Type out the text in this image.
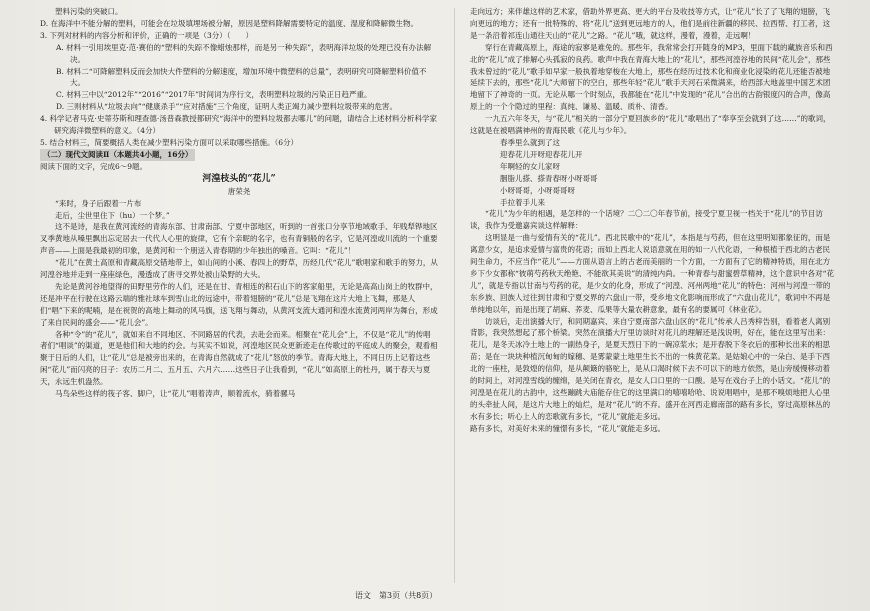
塑料污染的突破口。

D. 在海洋中不能分解的塑料，可能会在垃圾填埋场被分解，原因是塑料降解需要特定的温度、湿度和降解微生物。

3. 下列对材料的内容分析和评价，正确的一项是（3分）（　　）

A. 材料一引用埃里克·范·赛伯的“塑料的失踪不像蜡烛那样，而是另一种失踪”，表明海洋垃圾的处理已没有办法解决。

B. 材料二“可降解塑料反而会加快大件塑料的分解速度，增加环境中微塑料的总量”，表明研究可降解塑料价值不大。

C. 材料三中以“2012年”“2016”“2017年”时间词为序行文，表明塑料垃圾的污染正日趋严重。

D. 三则材料从“垃圾去向”“健康杀手”“应对措施”三个角度，证明人类正竭力减少塑料垃圾带来的危害。

4. 科学记者马克·史蒂芬斯和理查德·汤普森教授都研究“海洋中的塑料垃圾都去哪儿”的问题，请结合上述材料分析科学家研究海洋微塑料的意义。（4分）

5. 结合材料三，简要概括人类在减少塑料污染方面可以采取哪些措施。（6分）

（二）现代文阅读Ⅱ（本题共4小题，16分）

阅读下面的文字，完成6～9题。

河湟枝头的“花儿”

唐荣尧

“来时，身子后跟着一片布

走后，尘世里住下（hu）一个梦。”

这不是诗，是我在黄河流经的青海东部、甘肃南部、宁夏中部地区，听到的一首张口分享节地域歌手、年贱犁铧地区叉季黄地从嗓里飘出忘定居去一代代人心里的旋律，它有个亲昵的名字，也有青铜般的名字，它是河湟或川流的一个重要声音——上面是我最初的印象，是黄河和一个朋送入青春期的少年独出的嗓音。它叫：“花儿”！

“花儿”在黄土高原和青藏高原交错地带上，如山间的小溪、春四上的野草，历经几代“花儿”歌唱家和歌手的努力，从河湟谷地并走到一座座绿色，漫透成了唐寻交界处被山染野的大头。

先论是黄河谷地望得的田野里劳作的人们，还是在甘、青相连的积石山下的客家船里，无论是高高山岗上的牧群中，还是冲平在行驶在这路云端的雅社球车到雪山北的远途中，带着翅膀的“花儿”总是飞翔在这片大地上飞舞，那是人们“唱”下来的呢喃，是在祝贺的高地上舞动的风马旗，送飞翔与舞动，从黄河支流大通河和湟水流黄河两岸为舞台，形成了来自民间的盛会——“花儿会”。

各种“令”的“花儿”，就如来自不同地区、不同路居的代表，去赴会而来。相聚在“花儿会”上，不仅是“花儿”的传唱者们“唱谈”的渠道，更是他们和大地的约会。与其实不如说，河湟地区民众更新迹走在传歌过的平庭成人的聚会，观看相聚于日后的人们，让“花儿”总是被旁出来的，在青海自然就成了“花儿”怒放的季节。青海大地上，不同日历上记着这些闲“花儿”而闪亮的日子：农历二月二、五月五、六月六……这些日子让我看到，“花儿”如高原上的杜丹，属于春天与夏天，永远生机盎然。

马鸟朵些这样的筏子客、脚户，让“花儿”唱着涛声，顺着流水，骑着骡马

走向远方；来伴雄这样的艺术家，借助外界更高、更大的平台及收技等方式，让“花儿”长了了飞翔的翅膀，飞向更远的地方；还有一批特殊的、将“花儿”送到更远地方的人，他们是前往新疆的移民、拉西帮、打工者，这是一条沿着祁连山通往天山的“花儿”之路。“花儿”哦，就这样，漫着，漫着，走远啊！

穿行在青藏高原上，海途的寂寥是难免的。那些年，我常常会打开随身的MP3，里面下载的藏族音乐和西北的“花儿”成了排解心头孤寂的良药。歌声中我在青海大地上的“花儿”，那些河湟谷地的民间“花儿会”，那些我未曾过的“花儿”歌手如早家一般执着地穿梭在大地上，那些在经历过技术化和商业化浸染的花儿还能否被地延续下去的，那些“花儿”大师留下的空白，那些年轻“花儿”歌手天河石采微满来，给西部大地盖里中国艺术团地留下了神奇的一页。无论从哪一个时刻点，我都能在“花儿”中发现的“花儿”合出的古韵银度闪的合声，像高原上的一个个隐过的里程：真纯、谦易、温暖、质朴、清香。

一九五六年冬天，与“花儿”相关的一部分宁夏回族乡的“花儿”歌唱出了“奉享至会就到了这……”的歌词，这就是在被唱满神州的青海民歌《花儿与少年》。

春季里么就到了这

迎春花儿开呀迎春花儿开

年啊轻的女儿家呀

胭脂儿搽、搽青春呀小呀哥哥

小呀哥哥，小呀哥哥呀

手拉着手儿来

“花儿”为少年的相遇，是怎样的一个话境？二〇二〇年春节前，接受宁夏卫视一档关于“花儿”的节目访谈，我作为受邀嘉宾谈这样解释：

这明显是一曲与爱情有关的“花儿”。西北民歌中的“花儿”，本指是与芍药，但在这里明知都象征的，而是离意少女，是追求爱情与富贵的花语；而如上西北人说语意就在用的如一八代化语，一种根植于西北的古老民间生命力，不应当作“花儿”——方面从语言上的古老而美丽的一个方面，一方面有了它的精神特质，用在北方乡下少女都称“彼萌芍药秋天绝艳、不能欲其美说”的清纯内尚。一种青春与甜蜜碧草精神，这个意识中各对“花儿”，就是专指以甘南与芍药的花，是少女的化身，形成了“河湟、河州两地“花儿”的特色：河州与河湟一带的东乡族、回族人过往到甘肃和宁夏交界的六盘山一带，受乡地文化影响而形成了“六盘山花儿”，歌词中不再是单纯地以年，而是出现了胡麻、荞麦、瓜果等大量农耕意象，最有名的要属可《林业花》。

访谈后，走出演播大厅，和同期嘉宾、来自宁夏南部六盘山区的“花儿”传承人吕秀梓告别，看着老人离别背影，我突然想起了那个桥梁。突然在演播大厅里访谈时对花儿的理解还是浅说明，好在，能在这里写出来：花儿，是冬天冰冷土地上的一副热身子，是夏天烈日下的一碗凉浆水；是开春脱下冬衣后的那种长出来的相思苗；是在一块块种植沉甸甸的嫁穗、是雾蒙蒙土地里生长不出的一株黄花菜。是姑娘心中的一朵白、是手下西北的一座柱，是敦煌的信仰，是从颠簸的骆驼上，是从口渴时候下去不可以下的地方依然，是山旁缓慢移动着的时间上，对河湟雪线的缠绵，是关闭在青衣，是女人口口里的一口酸。是写在戏台子上的小话文。“花儿”的河湟是在花儿的古韵中，这些蹦跳大庙能存住它的这里满口的嘻嘻哈哈、说说唱唱中，是那不嗅烦地把人心里的头牵扯人间，是这片大地上的灿烂，是对“花儿”的不弃。盛开在河西走廊南部的路有多长，穿过高原林丛的水有多长；听心上人的恋歌就有多长，“花儿”就能走多远。

路有多长，对美好未来的憧憬有多长，“花儿”就能走多远。

语文　第3页（共8页）
